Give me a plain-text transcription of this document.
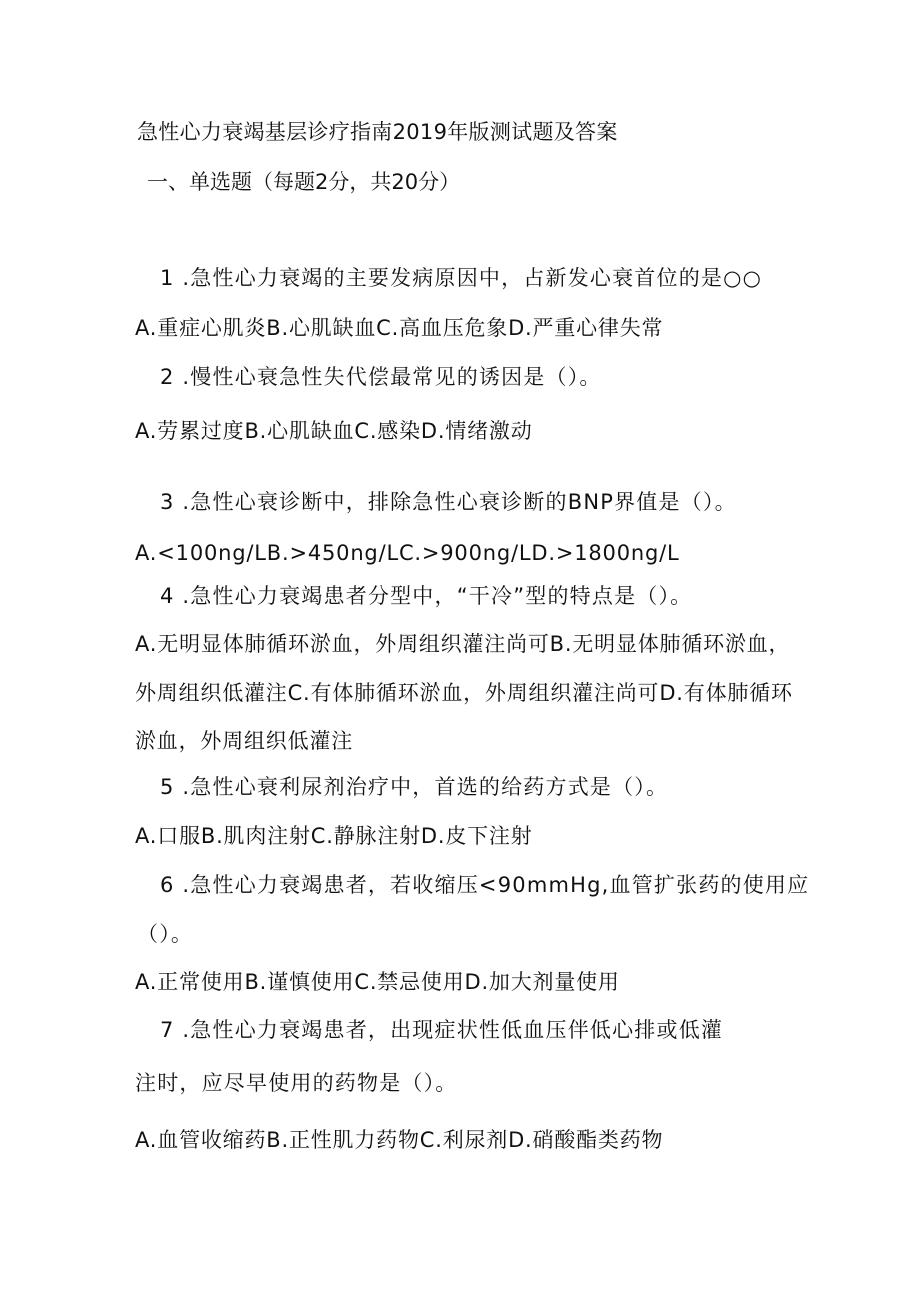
急性心力衰竭基层诊疗指南2019年版测试题及答案
一、单选题（每题2分，共20分）
1 .急性心力衰竭的主要发病原因中，占新发心衰首位的是○○
A.重症心肌炎B.心肌缺血C.高血压危象D.严重心律失常
2 .慢性心衰急性失代偿最常见的诱因是（）。
A.劳累过度B.心肌缺血C.感染D.情绪激动
3 .急性心衰诊断中，排除急性心衰诊断的BNP界值是（）。
A.<100ng/LB.>450ng/LC.>900ng/LD.>1800ng/L
4 .急性心力衰竭患者分型中，“干冷”型的特点是（）。
A.无明显体肺循环淤血，外周组织灌注尚可B.无明显体肺循环淤血，
外周组织低灌注C.有体肺循环淤血，外周组织灌注尚可D.有体肺循环
淤血，外周组织低灌注
5 .急性心衰利尿剂治疗中，首选的给药方式是（）。
A.口服B.肌肉注射C.静脉注射D.皮下注射
6 .急性心力衰竭患者，若收缩压<90mmHg,血管扩张药的使用应
（）。
A.正常使用B.谨慎使用C.禁忌使用D.加大剂量使用
7 .急性心力衰竭患者，出现症状性低血压伴低心排或低灌
注时，应尽早使用的药物是（）。
A.血管收缩药B.正性肌力药物C.利尿剂D.硝酸酯类药物
